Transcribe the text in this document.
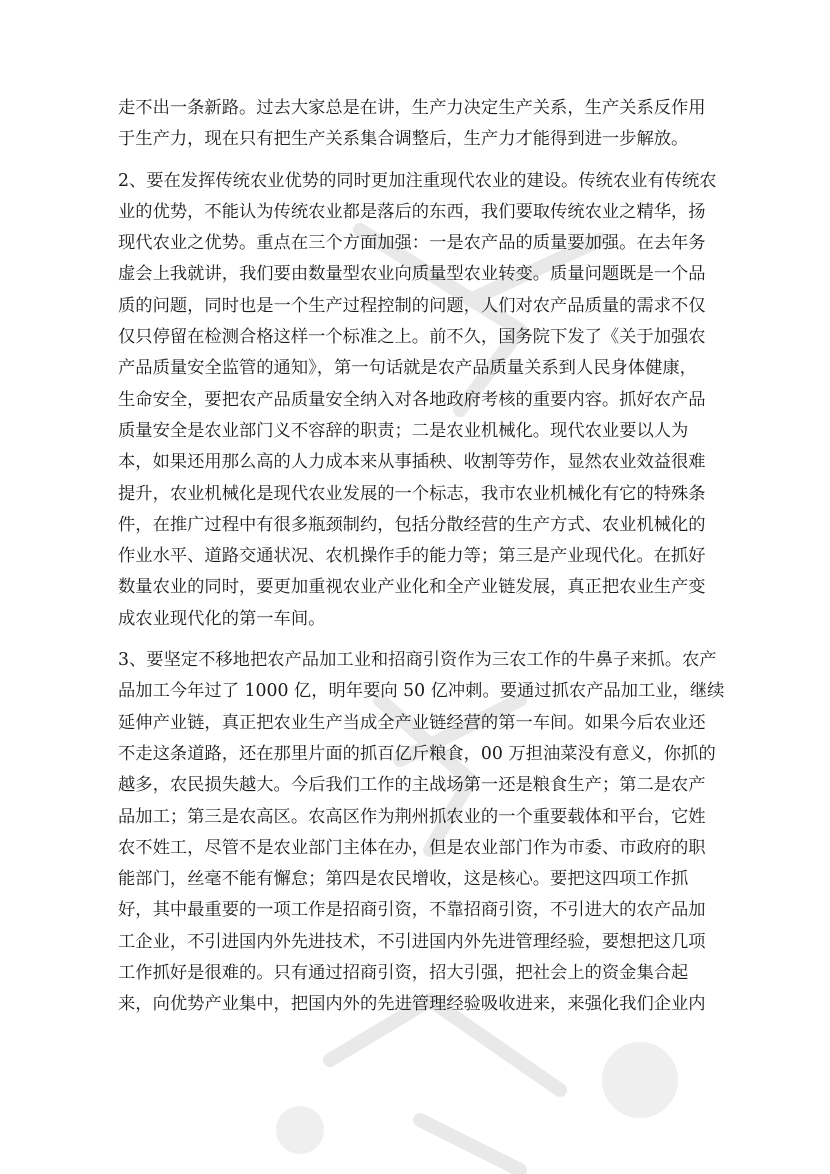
走不出一条新路。过去大家总是在讲，生产力决定生产关系，生产关系反作用
于生产力，现在只有把生产关系集合调整后，生产力才能得到进一步解放。
2、要在发挥传统农业优势的同时更加注重现代农业的建设。传统农业有传统农
业的优势，不能认为传统农业都是落后的东西，我们要取传统农业之精华，扬
现代农业之优势。重点在三个方面加强：一是农产品的质量要加强。在去年务
虚会上我就讲，我们要由数量型农业向质量型农业转变。质量问题既是一个品
质的问题，同时也是一个生产过程控制的问题，人们对农产品质量的需求不仅
仅只停留在检测合格这样一个标准之上。前不久，国务院下发了《关于加强农
产品质量安全监管的通知》，第一句话就是农产品质量关系到人民身体健康，
生命安全，要把农产品质量安全纳入对各地政府考核的重要内容。抓好农产品
质量安全是农业部门义不容辞的职责；二是农业机械化。现代农业要以人为
本，如果还用那么高的人力成本来从事插秧、收割等劳作，显然农业效益很难
提升，农业机械化是现代农业发展的一个标志，我市农业机械化有它的特殊条
件，在推广过程中有很多瓶颈制约，包括分散经营的生产方式、农业机械化的
作业水平、道路交通状况、农机操作手的能力等；第三是产业现代化。在抓好
数量农业的同时，要更加重视农业产业化和全产业链发展，真正把农业生产变
成农业现代化的第一车间。
3、要坚定不移地把农产品加工业和招商引资作为三农工作的牛鼻子来抓。农产
品加工今年过了 1000 亿，明年要向 50 亿冲刺。要通过抓农产品加工业，继续
延伸产业链，真正把农业生产当成全产业链经营的第一车间。如果今后农业还
不走这条道路，还在那里片面的抓百亿斤粮食，00 万担油菜没有意义，你抓的
越多，农民损失越大。今后我们工作的主战场第一还是粮食生产；第二是农产
品加工；第三是农高区。农高区作为荆州抓农业的一个重要载体和平台，它姓
农不姓工，尽管不是农业部门主体在办，但是农业部门作为市委、市政府的职
能部门，丝毫不能有懈怠；第四是农民增收，这是核心。要把这四项工作抓
好，其中最重要的一项工作是招商引资，不靠招商引资，不引进大的农产品加
工企业，不引进国内外先进技术，不引进国内外先进管理经验，要想把这几项
工作抓好是很难的。只有通过招商引资，招大引强，把社会上的资金集合起
来，向优势产业集中，把国内外的先进管理经验吸收进来，来强化我们企业内
